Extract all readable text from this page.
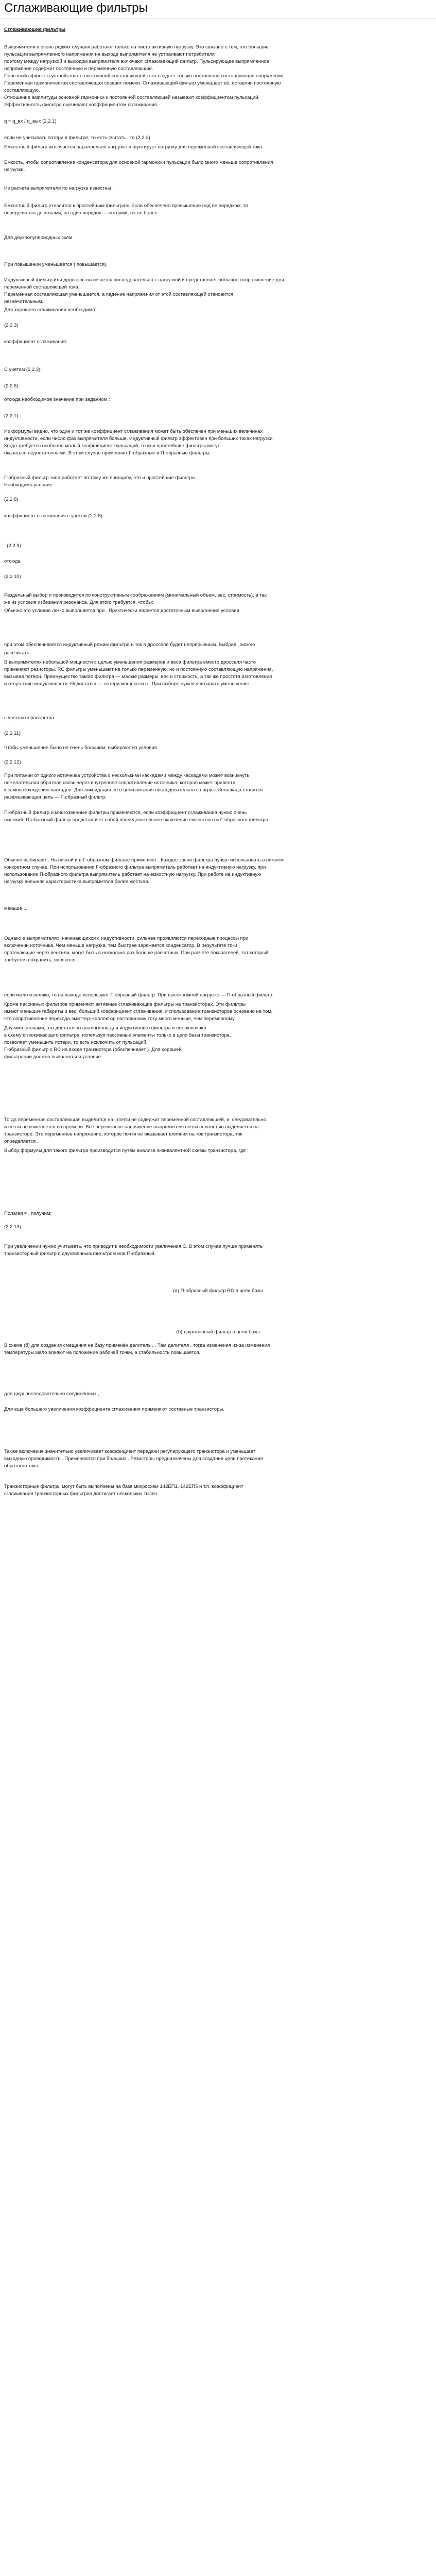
Сглаживающие фильтры
Сглаживающие фильтры
Выпрямители в очень редких случаях работают только на чисто активную нагрузку. Это связано с тем, что большие
пульсации выпрямленного напряжения на выходе выпрямителя не устраивают потребителя
поэтому между нагрузкой и выходом выпрямителя включают сглаживающий фильтр. Пульсирующее выпрямленное
напряжение содержит постоянную и переменную составляющие.
Полезный эффект в устройствах с постоянной составляющей тока создает только постоянная составляющая напряжения.
Переменная гармоническая составляющая создает помехи. Сглаживающий фильтр уменьшает её, оставляя постоянную
составляющую.
Отношение амплитуды основной гармоники к постоянной составляющей называют коэффициентом пульсаций.
Эффективность фильтра оценивают коэффициентом сглаживания.
q = q_вх / q_вых (2.2.1)
если не учитывать потери в фильтре, то есть считать , то (2.2.2)
Емкостный фильтр включается параллельно нагрузке и шунтирует нагрузку для переменной составляющей тока.
Емкость, чтобы сопротивление конденсатора для основной гармоники пульсации было много меньше сопротивления
нагрузки.
Из расчета выпрямителя по нагрузке известны .
Емкостный фильтр относится к простейшим фильтрам. Если обеспечено превышение над ее порядком, то
определяется десятками, на один порядок — сотнями, на не более.
Для двухполупериодных схем
При повышении уменьшается ( повышается).
Индуктивный фильтр или дроссель включается последовательно с нагрузкой и представляет большое сопротивление для
переменной составляющей тока.
Переменная составляющая уменьшается, а падение напряжения от этой составляющей становится
незначительным.
Для хорошего сглаживания необходимо:
(2.2.3)
коэффициент сглаживания:
С учетом (2.2.3):
(2.2.6)
отсюда необходимое значение при заданном :
(2.2.7)
Из формулы видно, что один и тот же коэффициент сглаживания может быть обеспечен при меньших величинах
индуктивности, если число фаз выпрямителя больше. Индуктивный фильтр эффективен при больших токах нагрузки.
Когда требуется особенно малый коэффициент пульсаций, то или простейшие фильтры могут
оказаться недостаточными. В этом случае применяют Г-образные и П-образные фильтры.
Г-образный фильтр типа работает по тому же принципу, что и простейшие фильтры.
Необходимо условие:
(2.2.8)
коэффициент сглаживания с учетом (2.2.8):
, (2.2.9)
отсюда
(2.2.10)
Раздельный выбор и производится по конструктивным соображениям (минимальный объем, вес, стоимость), а так
же из условия избежания резонанса. Для этого требуется, чтобы:
Обычно это условие легко выполняется при . Практически является достаточным выполнение условия
при этом обеспечивается индуктивный режим фильтра и ток в дросселе будет непрерывным. Выбрав , можно
рассчитать .
В выпрямителях небольшой мощности с целью уменьшения размеров и веса фильтра вместо дросселя часто
применяют резисторы. RC фильтры уменьшают не только переменную, но и постоянную составляющую напряжения,
вызывая потери. Преимущество такого фильтра — малые размеры, вес и стоимость, а так же простота изготовления
и отсутствие индуктивности. Недостатки — потери мощности в . При выборе нужно учитывать уменьшение
с учетом неравенства
(2.2.11)
Чтобы уменьшение было не очень большим, выбирают из условия
(2.2.12)
При питании от одного источника устройства с несколькими каскадами между каскадами может возникнуть
нежелательная обратная связь через внутреннее сопротивление источника, которая может привести
к самовозбуждению каскадов. Для ликвидации её в цепи питания последовательно с нагрузкой каскада ставится
развязывающая цепь — Г-образный фильтр.
П-образный фильтр и многозвенные фильтры применяются, если коэффициент сглаживания нужно очень
высокий. П-образный фильтр представляет собой последовательное включение емкостного и Г-образного фильтра.
Обычно выбирают . На низкой и в Г-образном фильтре применяют . Каждое звено фильтра лучше использовать в нижнем
конкретном случае. При использовании Г-образного фильтра выпрямитель работает на индуктивную нагрузку, при
использовании П-образного фильтра выпрямитель работает на емкостную нагрузку. При работе на индуктивную
нагрузку внешняя характеристика выпрямителя более жесткая.
меньше ...
Однако в выпрямителях, начинающихся с индуктивности, сильнее проявляются переходные процессы при
включении источника. Чем меньше нагрузка, тем быстрее заряжается конденсатор. В результате токи,
протекающие через вентили, могут быть в несколько раз больше расчетных. При расчете показателей, тот который
требуется сохранить, являются .
если мало и велико, то на выходе используют Г-образный фильтр. При высокоомной нагрузке — П-образный фильтр.
Кроме пассивных фильтров применяют активные сглаживающие фильтры на транзисторах. Эти фильтры
имеют меньшие габариты и вес, больший коэффициент сглаживания. Использование транзисторов основано на том,
что сопротивление перехода эмиттер–коллектор постоянному току много меньше, чем переменному.
Другими словами, это достаточно аналогично для индуктивного фильтра и его включают
в схему сглаживающего фильтра, используя пассивные элементы только в цепи базы транзистора.
позволяет уменьшить потери, то есть исключить от пульсаций.
Г-образный фильтр с RC на входе транзистора (обеспечивает ). Для хорошей
фильтрации должно выполняться условие:
Тогда переменная составляющая выделится на , почти не содержит переменной составляющей, и, следовательно,
и почти не изменяется во времени. Все переменное напряжение выпрямителя почти полностью выделяется на
транзисторе. Это переменное напряжение, которое почти не оказывает влияния на ток транзистора, ток
определяется .
Выбор формулы для такого фильтра производится путём анализа эквивалентной схемы транзистора, где :
Полагая ≈ , получим:
(2.2.13)
При увеличении нужно учитывать, что приводит к необходимости увеличения C. В этом случае лучше применять
транзисторный фильтр с двухзвенным фильтром или П-образный.
(а) П-образный фильтр RC в цепи базы
(б) двухзвенный фильтр в цепи базы
В схеме (б) для создания смещения на базу применён делитель , . Там делителя , тогда изменения из-за изменения
температуры мало влияют на положение рабочей точки, а стабильность повышается.
для двух последовательно соединённых , :
Для еще большего увеличения коэффициента сглаживания применяют составные транзисторы.
Также включение значительно увеличивает коэффициент передачи регулирующего транзистора и уменьшает
выходную проводимость . Применяются при больших . Резисторы предназначены для создания цепи протекания
обратного тока .
Транзисторные фильтры могут быть выполнены на базе микросхем 142ЕП1, 142ЕП5 и т.п. коэффициент
сглаживания транзисторных фильтров достигает нескольких тысяч.
